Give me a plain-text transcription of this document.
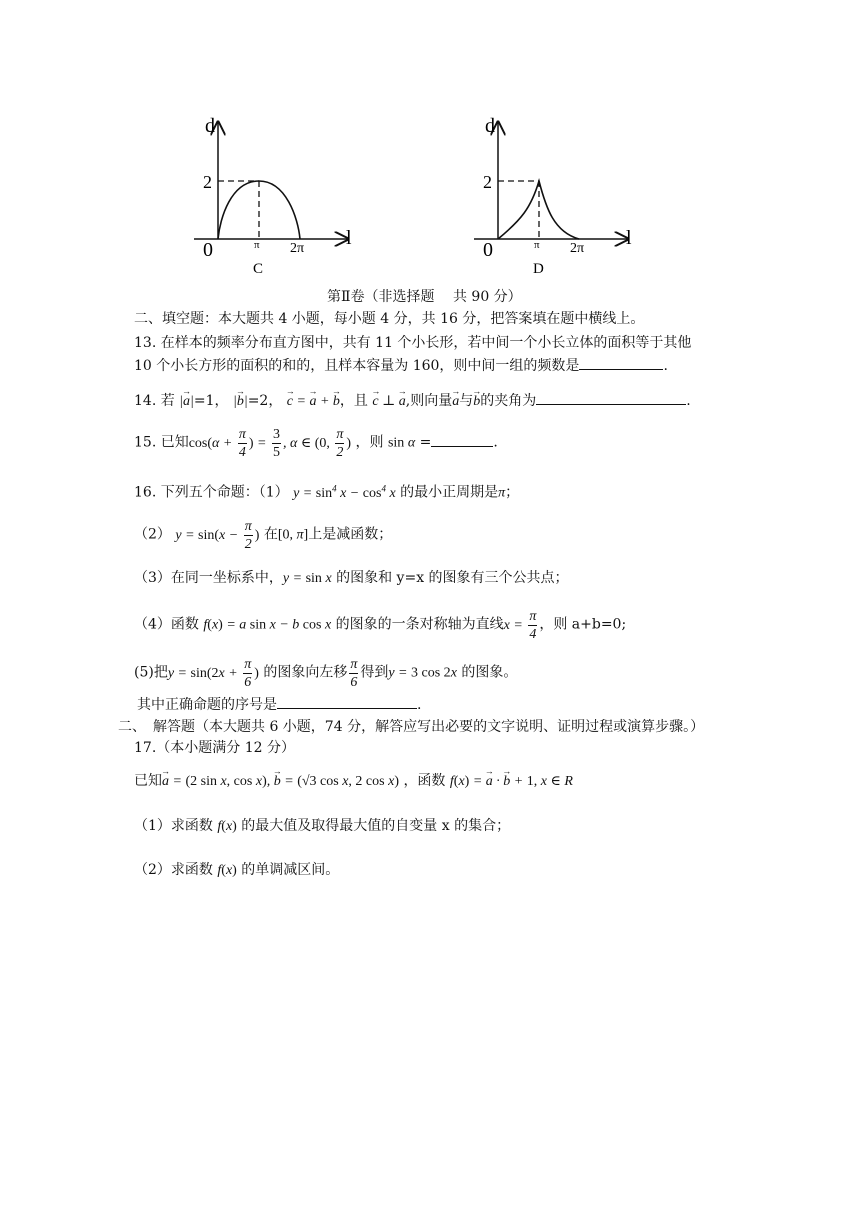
d
l
0
2
π 2π
C
d
l
0
2
π 2π
D
第Ⅱ卷（非选择题 　共 90 分）
二、填空题：本大题共 4 小题，每小题 4 分，共 16 分，把答案填在题中横线上。
13. 在样本的频率分布直方图中，共有 11 个小长形，若中间一个小长立体的面积等于其他
10 个小长方形的面积的和的，且样本容量为 160，则中间一组的频数是	.
14. 若 |→ a|=1， |→ b|=2， → c = → a + → b，且 → c ⊥ → a,则向量→ a与→ b的夹角为	.
15. 已知$\cos(\alpha + \frac{\pi}{4}$ ) = $\frac{3}{5}$ , α ∈ (0, $\frac{\pi}{2}$ ) ，则 sin α =	.
16. 下列五个命题：（1） $y = \sin^4 x - \cos^4 x$ 的最小正周期是π；
（2） $y = \sin(x - \frac{\pi}{2}$ ) 在[0, π]上是减函数；
（3）在同一坐标系中，y = sin x 的图象和 y=x 的图象有三个公共点；
（4）函数 f(x) = a sin x − b cos x 的图象的一条对称轴为直线$x = \frac{\pi}{4}$ ，则 a+b=0;
(5)把$y = \sin(2x + \frac{\pi}{6}$ ) 的图象向左移 $\frac{\pi}{6}$ 得到y = 3 cos 2x 的图象。
其中正确命题的序号是	.
二、　解答题（本大题共 6 小题，74 分，解答应写出必要的文字说明、证明过程或演算步骤。）
17.（本小题满分 12 分）
已知→ a = (2 sin x, cos x), → b = (√3 cos x, 2 cos x) ，函数 f(x) = → a · → b + 1, x ∈ R
（1）求函数 f(x) 的最大值及取得最大值的自变量 x 的集合；
（2）求函数 f(x) 的单调减区间。
